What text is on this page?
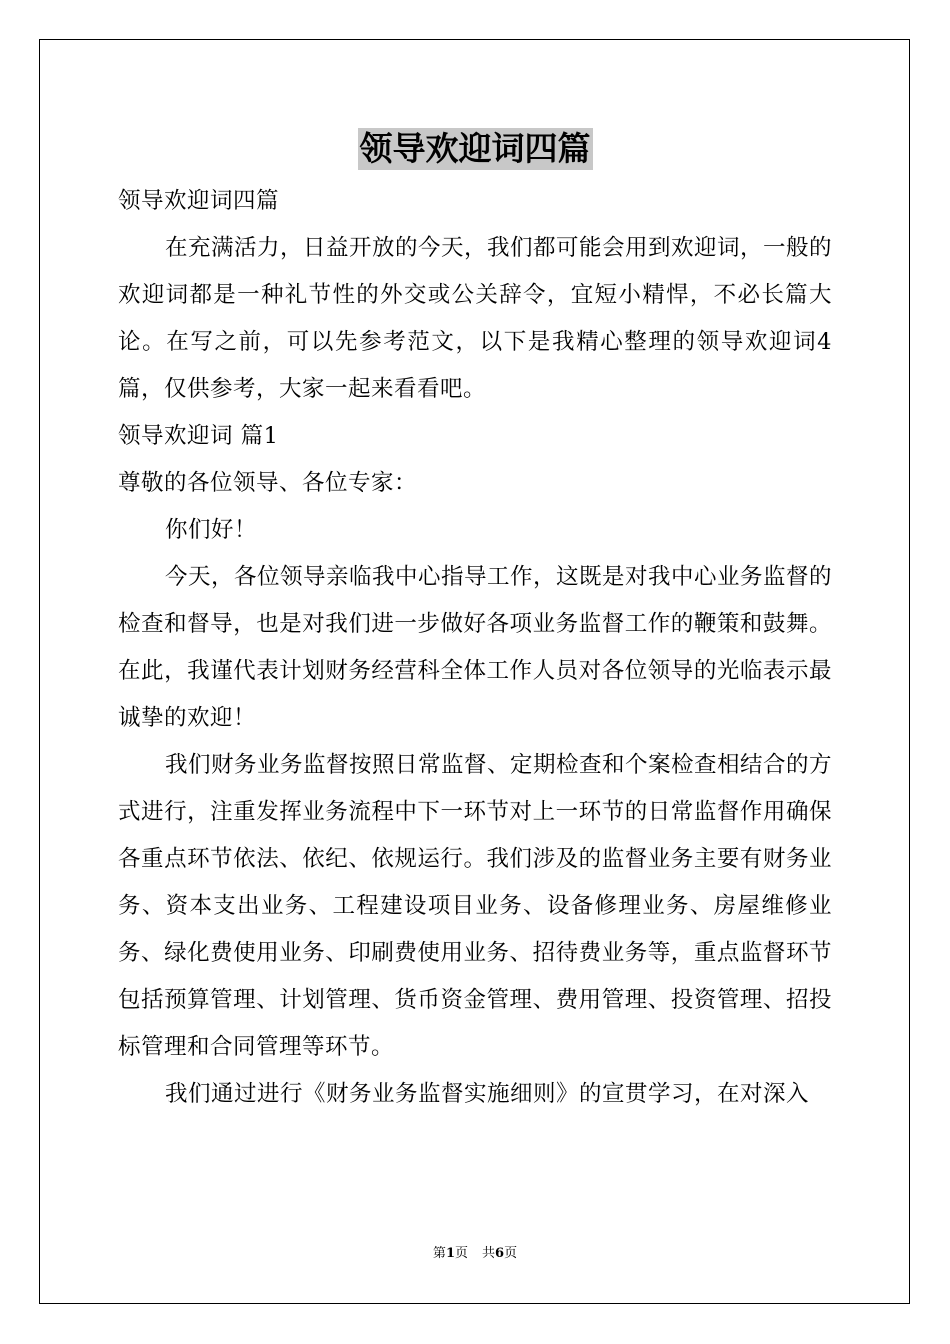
领导欢迎词四篇

领导欢迎词四篇

在充满活力，日益开放的今天，我们都可能会用到欢迎词，一般的欢迎词都是一种礼节性的外交或公关辞令，宜短小精悍，不必长篇大论。在写之前，可以先参考范文，以下是我精心整理的领导欢迎词4篇，仅供参考，大家一起来看看吧。

领导欢迎词 篇1

尊敬的各位领导、各位专家：

你们好！

今天，各位领导亲临我中心指导工作，这既是对我中心业务监督的检查和督导，也是对我们进一步做好各项业务监督工作的鞭策和鼓舞。在此，我谨代表计划财务经营科全体工作人员对各位领导的光临表示最诚挚的欢迎！

我们财务业务监督按照日常监督、定期检查和个案检查相结合的方式进行，注重发挥业务流程中下一环节对上一环节的日常监督作用确保各重点环节依法、依纪、依规运行。我们涉及的监督业务主要有财务业务、资本支出业务、工程建设项目业务、设备修理业务、房屋维修业务、绿化费使用业务、印刷费使用业务、招待费业务等，重点监督环节包括预算管理、计划管理、货币资金管理、费用管理、投资管理、招投标管理和合同管理等环节。

我们通过进行《财务业务监督实施细则》的宣贯学习，在对深入

第1页 共6页
